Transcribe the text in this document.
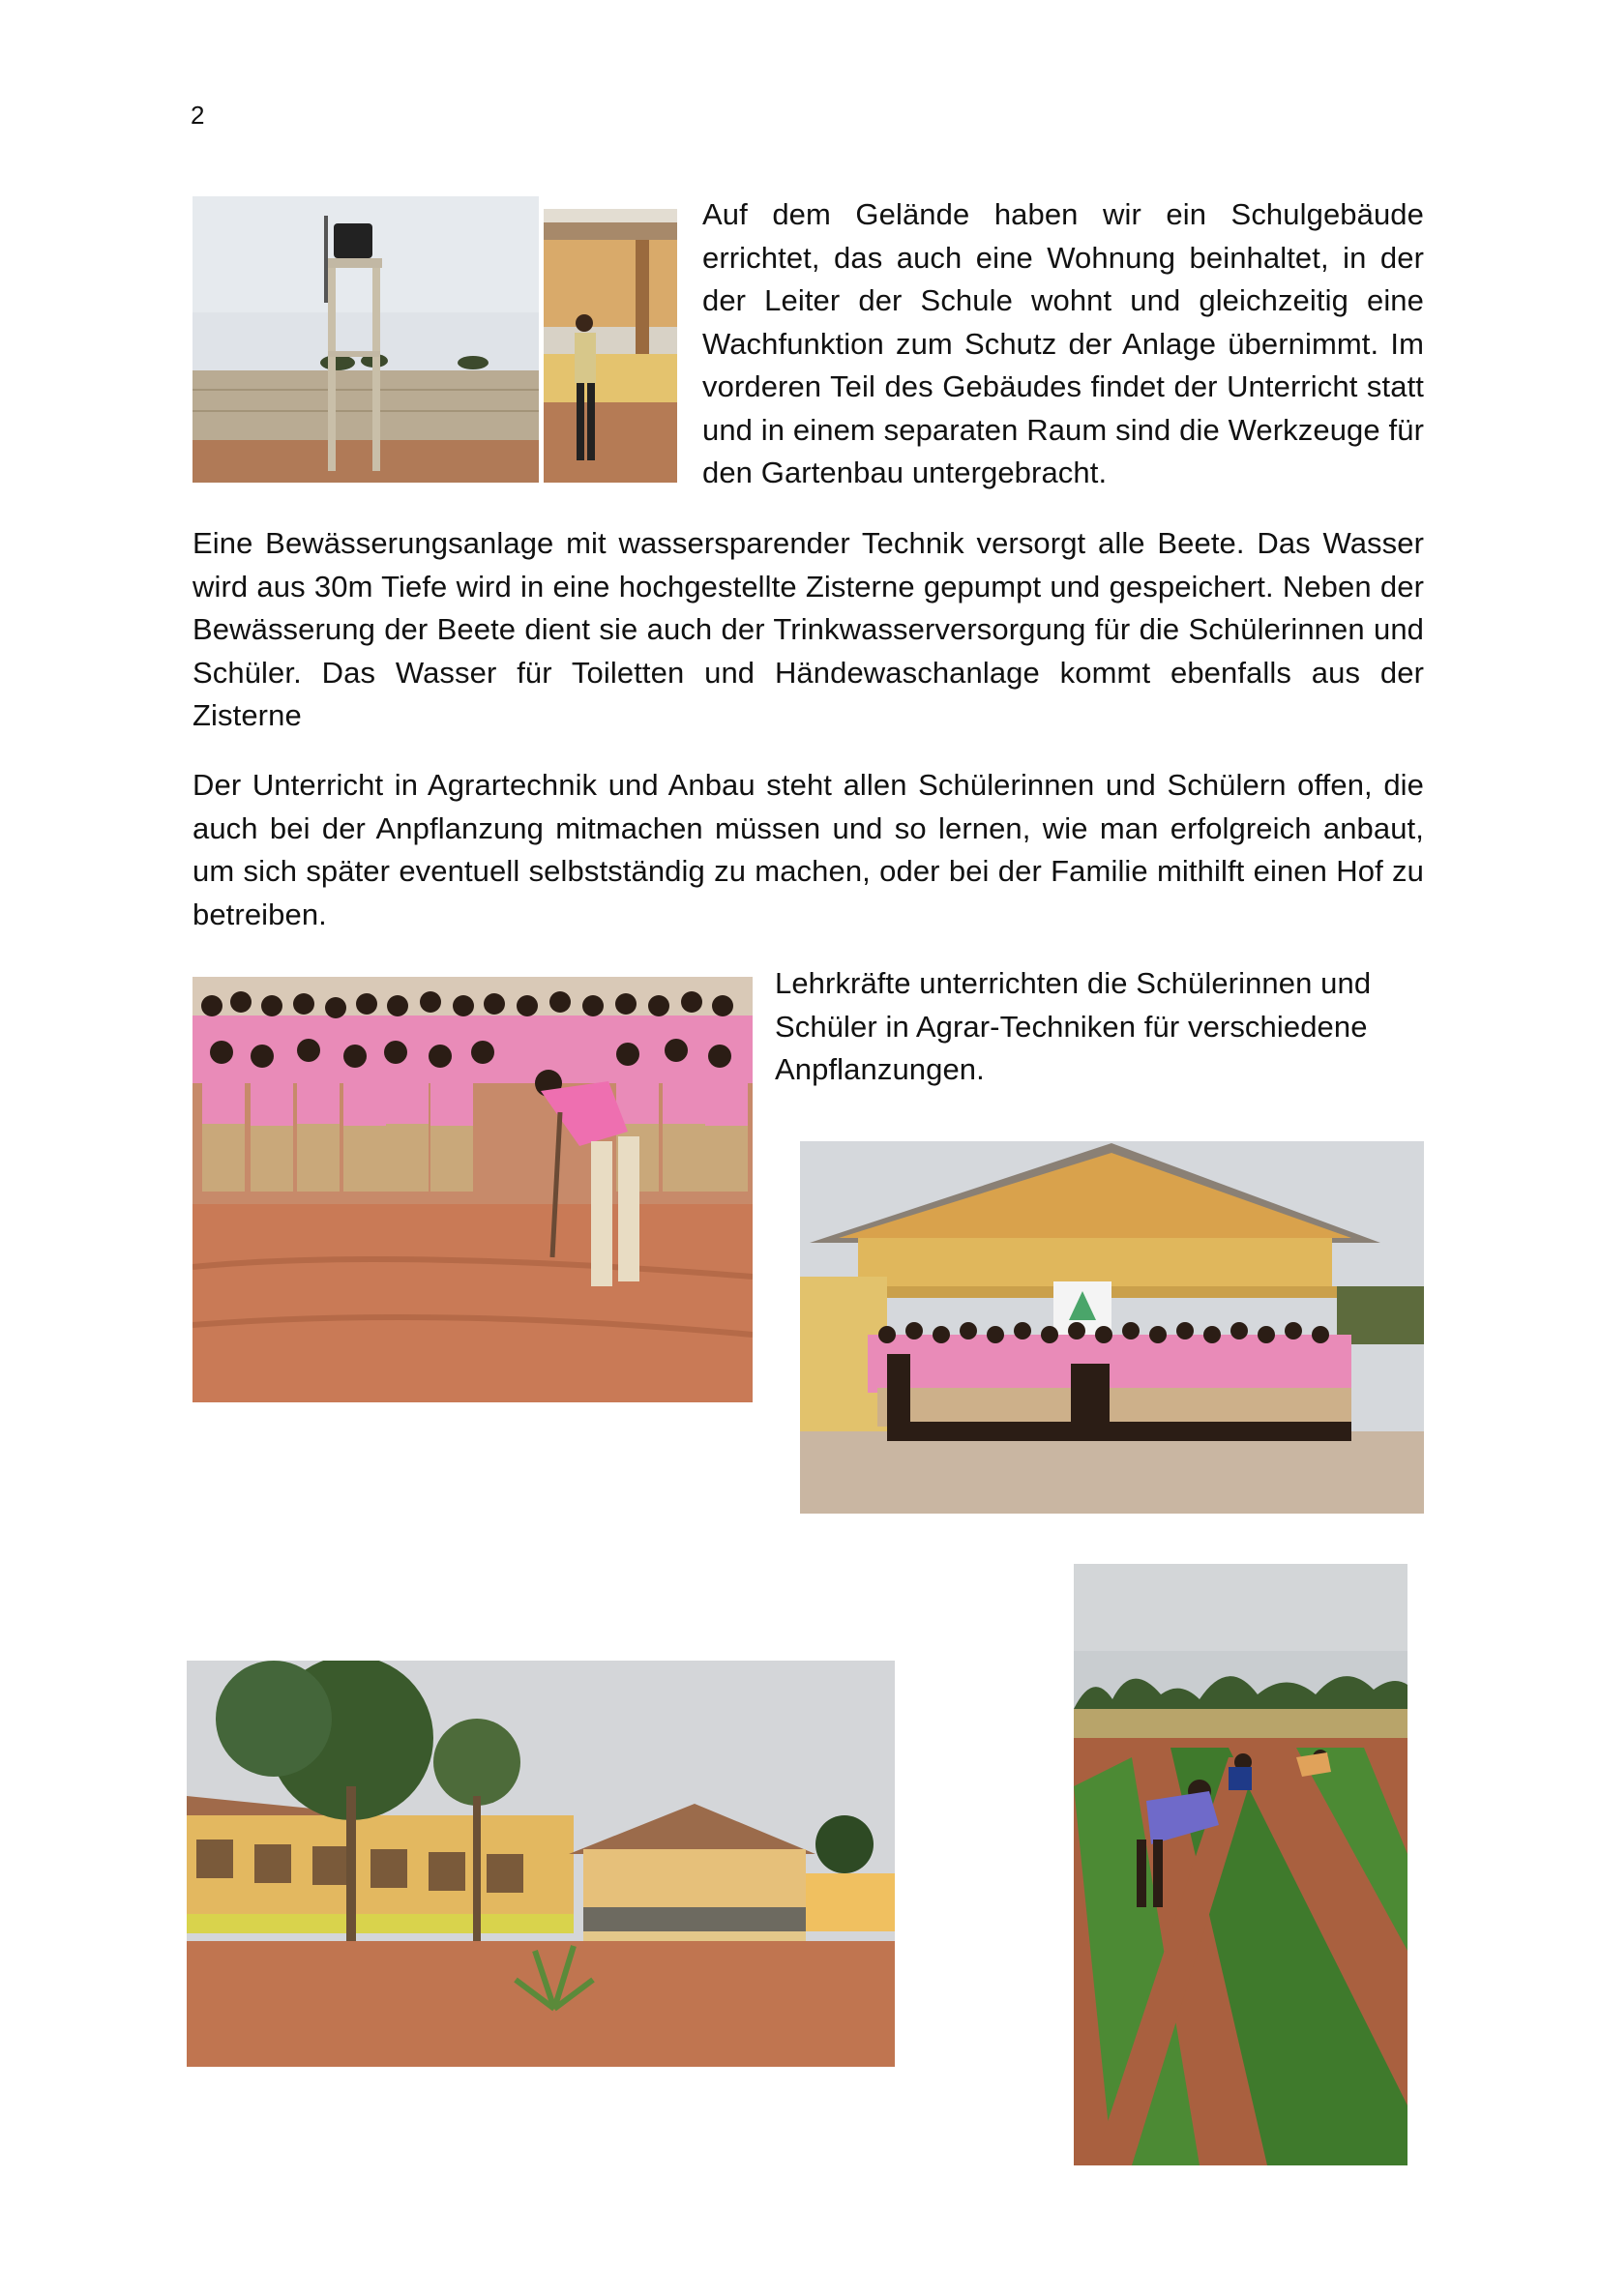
2

Auf dem Gelände haben wir ein Schulgebäude errichtet, das auch eine Wohnung beinhaltet, in der der Leiter der Schule wohnt und gleichzeitig eine Wachfunktion zum Schutz der Anlage übernimmt. Im vorderen Teil des Gebäudes findet der Unterricht statt und in einem separaten Raum sind die Werkzeuge für den Gartenbau untergebracht.

Eine Bewässerungsanlage mit wassersparender Technik versorgt alle Beete. Das Wasser wird aus 30m Tiefe wird in eine hochgestellte Zisterne gepumpt und gespeichert. Neben der Bewässerung der Beete dient sie auch der Trinkwasserversorgung für die Schülerinnen und Schüler. Das Wasser für Toiletten und Händewaschanlage kommt ebenfalls aus der Zisterne

Der Unterricht in Agrartechnik und Anbau steht allen Schülerinnen und Schülern offen, die auch bei der Anpflanzung mitmachen müssen und so lernen, wie man erfolgreich anbaut, um sich später eventuell selbstständig zu machen, oder bei der Familie mithilft einen Hof zu betreiben.

Lehrkräfte unterrichten die Schülerinnen und Schüler in Agrar-Techniken für verschiedene Anpflanzungen.
